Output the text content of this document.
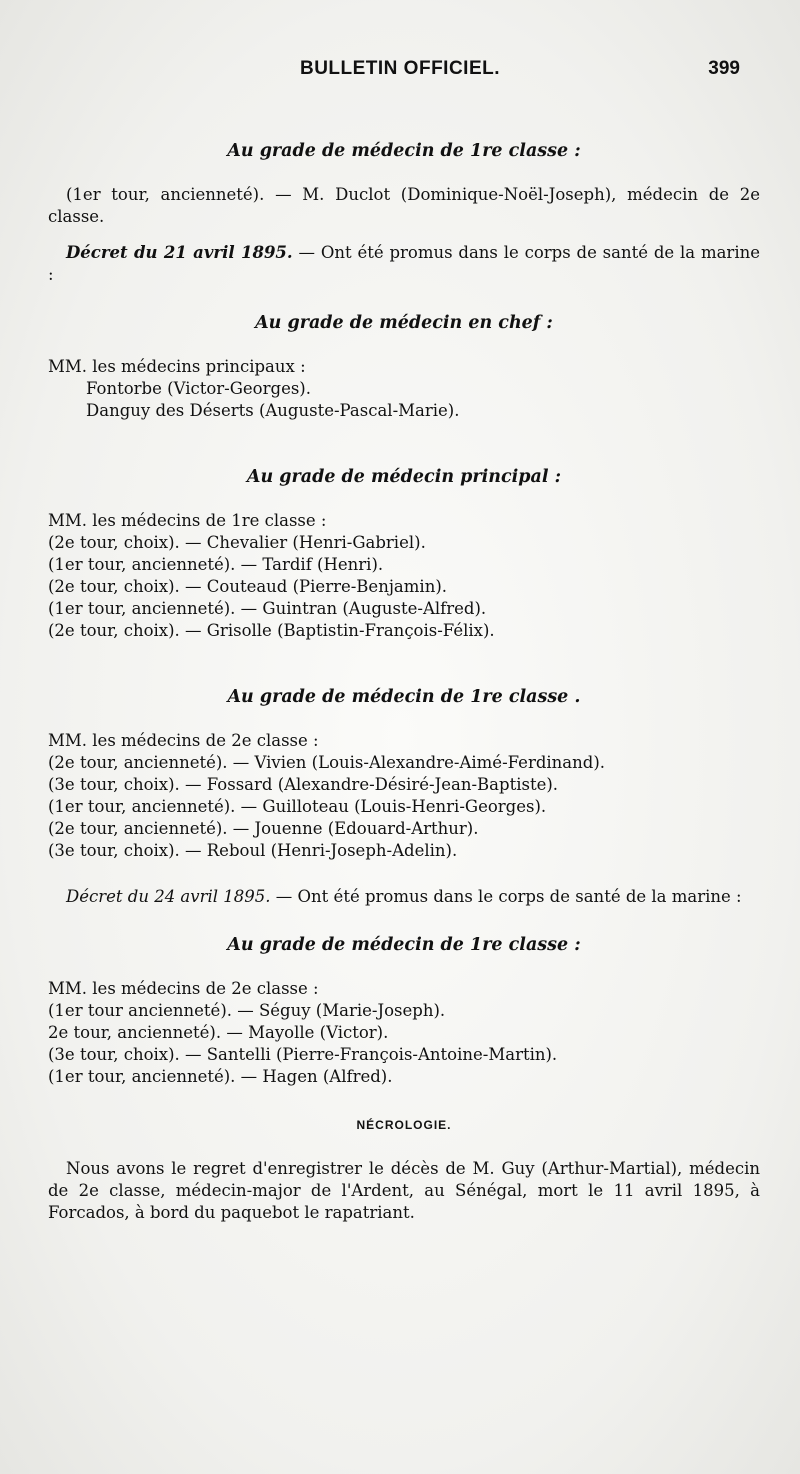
BULLETIN OFFICIEL.	399

Au grade de médecin de 1re classe :

(1er tour, ancienneté). — M. Duclot (Dominique-Noël-Joseph), médecin de 2e classe.

Décret du 21 avril 1895. — Ont été promus dans le corps de santé de la marine :

Au grade de médecin en chef :

MM. les médecins principaux :

Fontorbe (Victor-Georges).

Danguy des Déserts (Auguste-Pascal-Marie).

Au grade de médecin principal :

MM. les médecins de 1re classe :

(2e tour, choix). — Chevalier (Henri-Gabriel).

(1er tour, ancienneté). — Tardif (Henri).

(2e tour, choix). — Couteaud (Pierre-Benjamin).

(1er tour, ancienneté). — Guintran (Auguste-Alfred).

(2e tour, choix). — Grisolle (Baptistin-François-Félix).

Au grade de médecin de 1re classe .

MM. les médecins de 2e classe :

(2e tour, ancienneté). — Vivien (Louis-Alexandre-Aimé-Ferdinand).

(3e tour, choix). — Fossard (Alexandre-Désiré-Jean-Baptiste).

(1er tour, ancienneté). — Guilloteau (Louis-Henri-Georges).

(2e tour, ancienneté). — Jouenne (Edouard-Arthur).

(3e tour, choix). — Reboul (Henri-Joseph-Adelin).

Décret du 24 avril 1895. — Ont été promus dans le corps de santé de la marine :

Au grade de médecin de 1re classe :

MM. les médecins de 2e classe :

(1er tour ancienneté). — Séguy (Marie-Joseph).

2e tour, ancienneté). — Mayolle (Victor).

(3e tour, choix). — Santelli (Pierre-François-Antoine-Martin).

(1er tour, ancienneté). — Hagen (Alfred).

NÉCROLOGIE.

Nous avons le regret d'enregistrer le décès de M. Guy (Arthur-Martial), médecin de 2e classe, médecin-major de l'Ardent, au Sénégal, mort le 11 avril 1895, à Forcados, à bord du paquebot le rapatriant.
